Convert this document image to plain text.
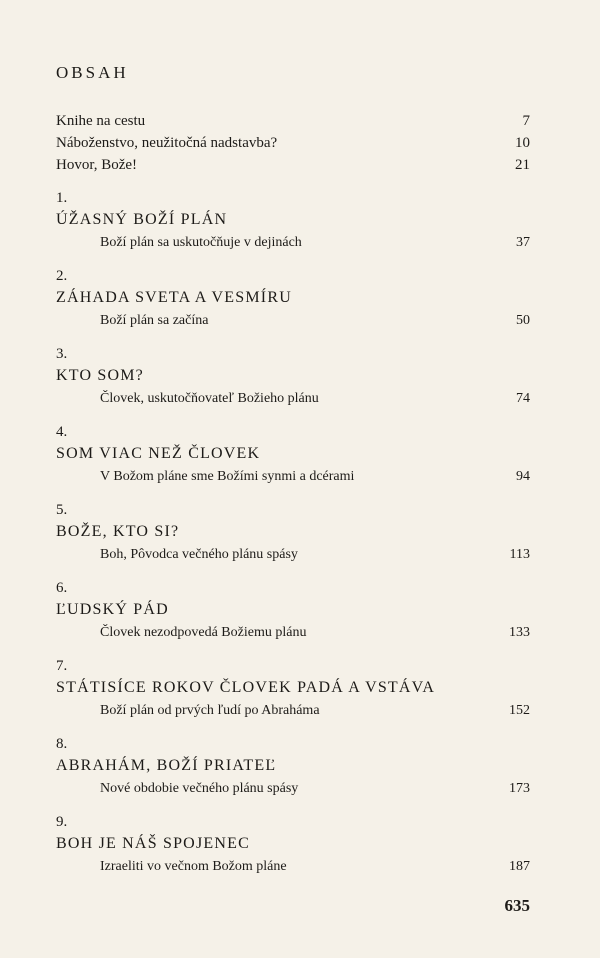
OBSAH
Knihe na cestu	7
Náboženstvo, neužitočná nadstavba?	10
Hovor, Bože!	21
1.
ÚŽASNÝ BOŽÍ PLÁN
Boží plán sa uskutočňuje v dejinách	37
2.
ZÁHADA SVETA A VESMÍRU
Boží plán sa začína	50
3.
KTO SOM?
Človek, uskutočňovateľ Božieho plánu	74
4.
SOM VIAC NEŽ ČLOVEK
V Božom pláne sme Božími synmi a dcérami	94
5.
BOŽE, KTO SI?
Boh, Pôvodca večného plánu spásy	113
6.
ĽUDSKÝ PÁD
Človek nezodpovedá Božiemu plánu	133
7.
STÁTISÍCE ROKOV ČLOVEK PADÁ A VSTÁVA
Boží plán od prvých ľudí po Abraháma	152
8.
ABRAHÁM, BOŽÍ PRIATEĽ
Nové obdobie večného plánu spásy	173
9.
BOH JE NÁŠ SPOJENEC
Izraeliti vo večnom Božom pláne	187
635
